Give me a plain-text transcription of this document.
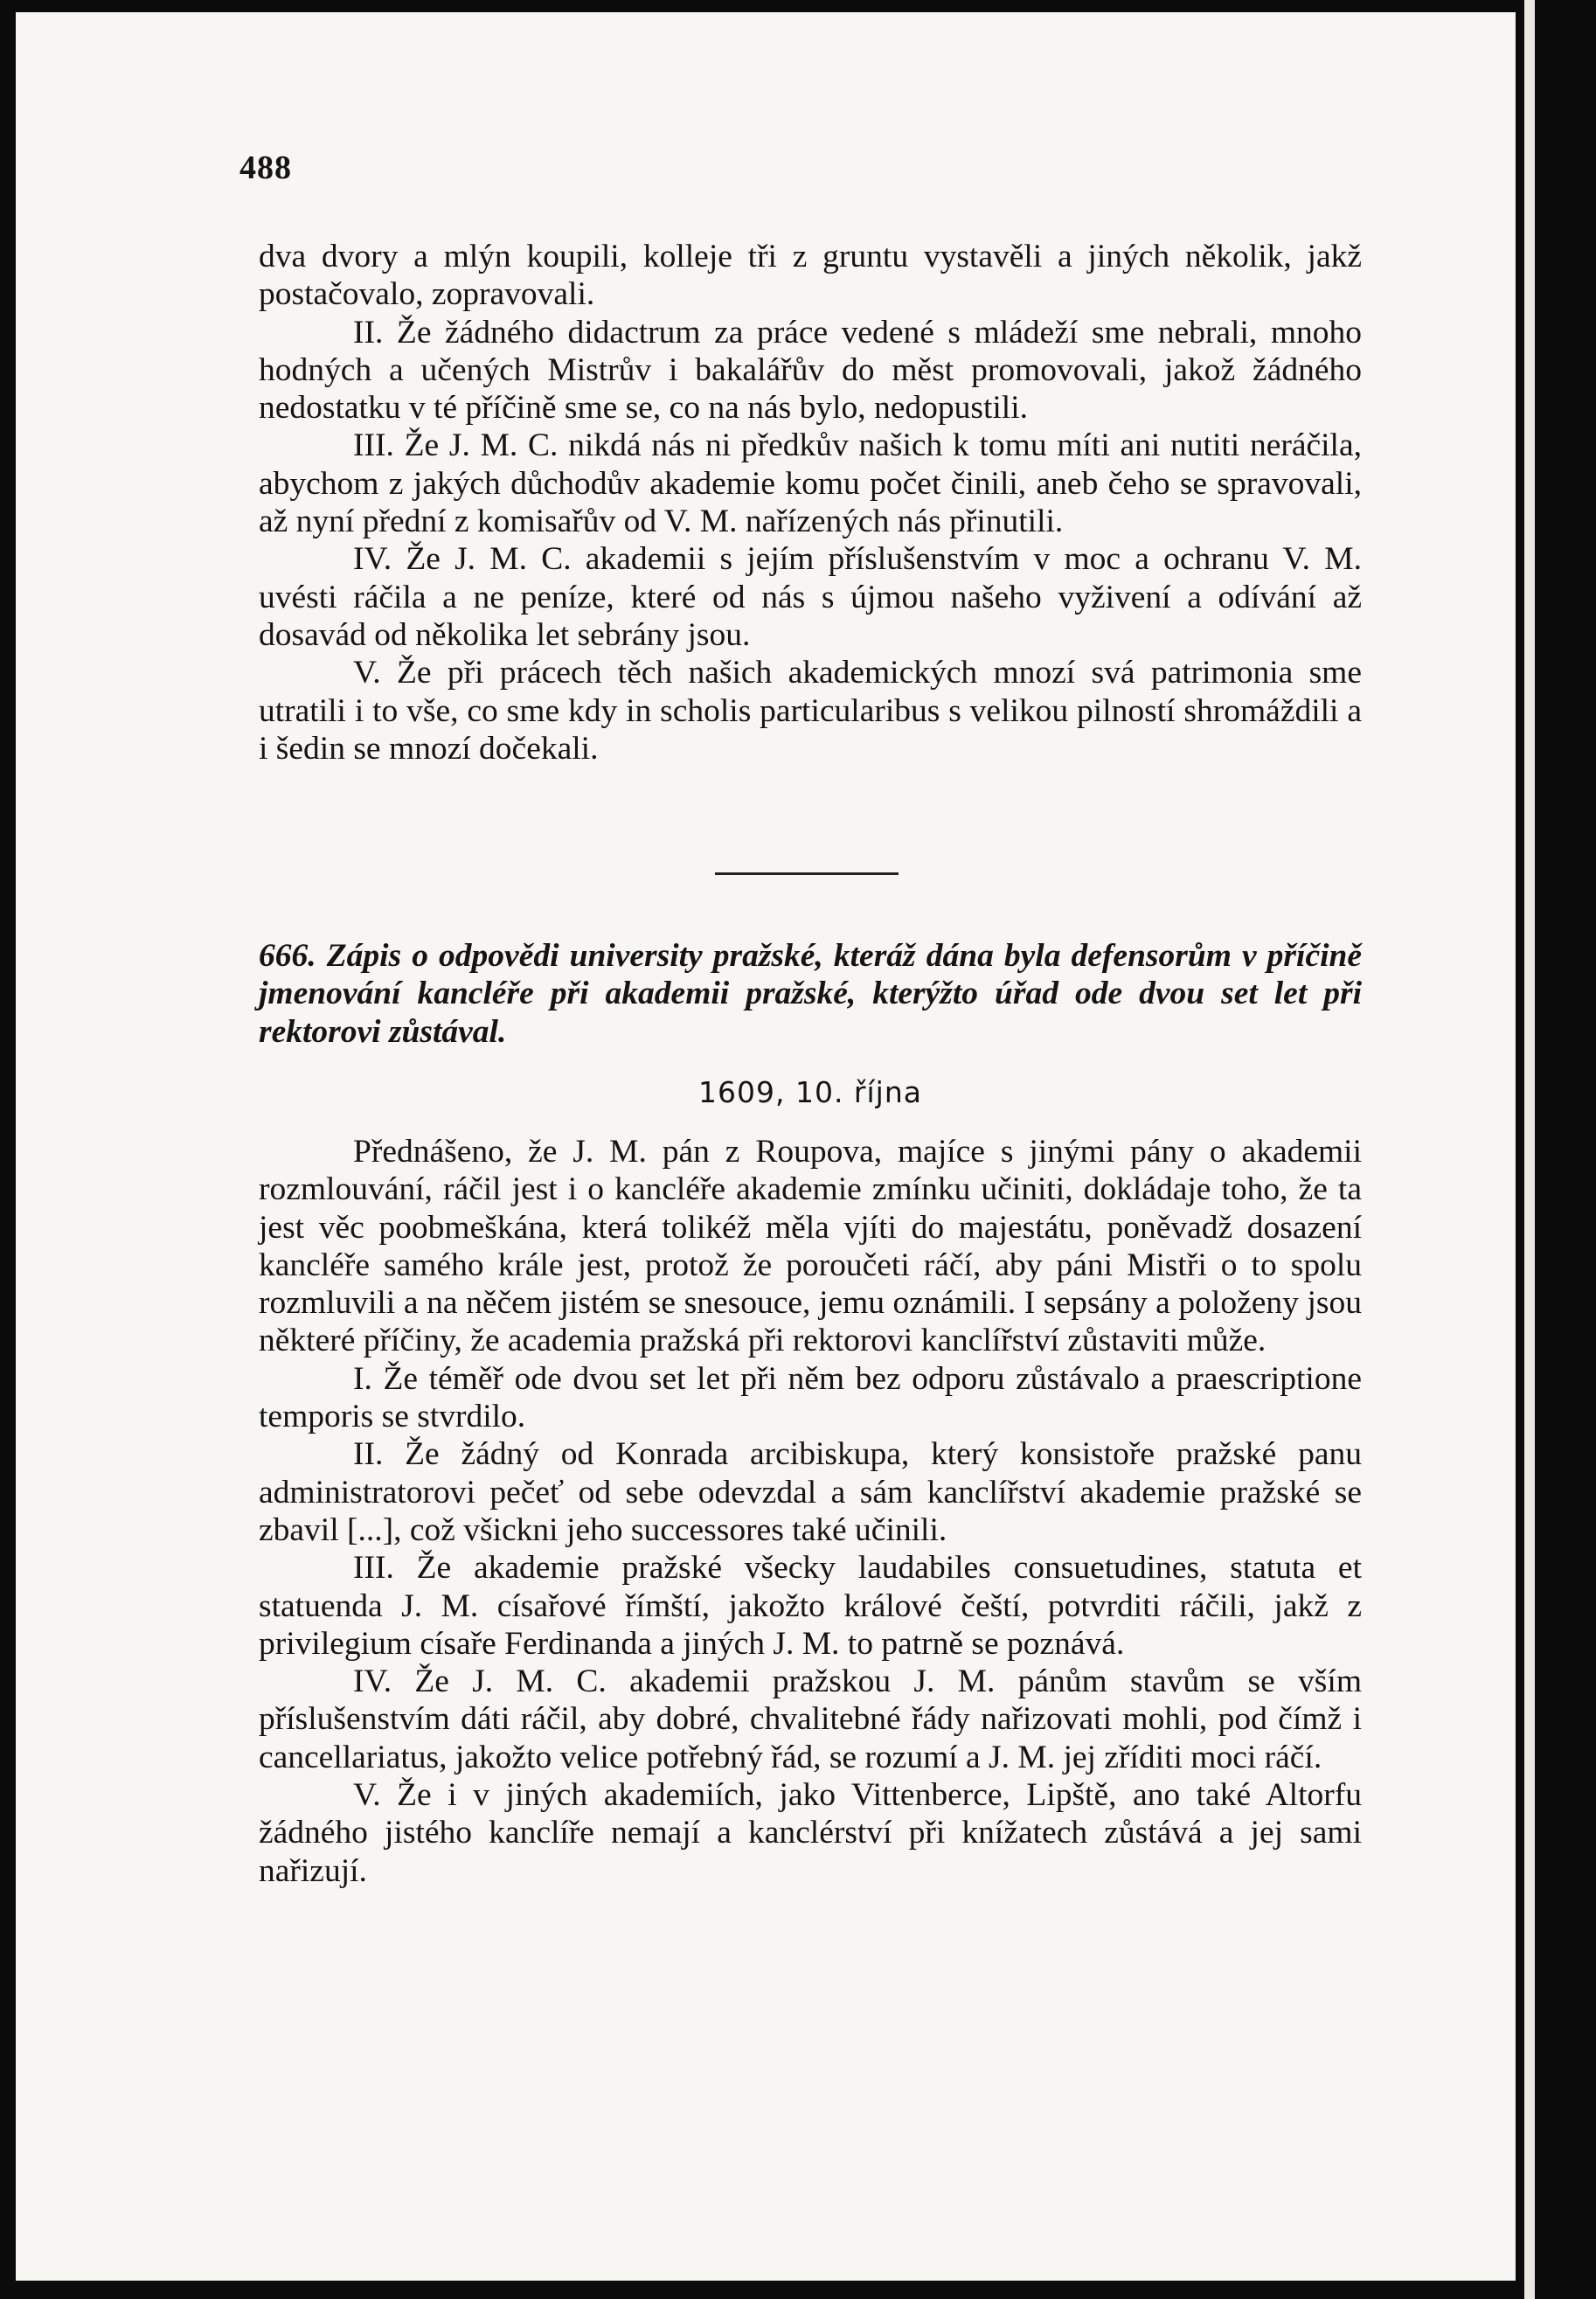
488

dva dvory a mlýn koupili, kolleje tři z gruntu vystavěli a jiných několik, jakž postačovalo, zopravovali.

II. Že žádného didactrum za práce vedené s mládeží sme nebrali, mnoho hodných a učených Mistrův i bakalářův do měst promovovali, jakož žádného nedostatku v té příčině sme se, co na nás bylo, nedopustili.

III. Že J. M. C. nikdá nás ni předkův našich k tomu míti ani nutiti neráčila, abychom z jakých důchodův akademie komu počet činili, aneb čeho se spravovali, až nyní přední z komisařův od V. M. nařízených nás přinutili.

IV. Že J. M. C. akademii s jejím příslušenstvím v moc a ochranu V. M. uvésti ráčila a ne peníze, které od nás s újmou našeho vyživení a odívání až dosavád od několika let sebrány jsou.

V. Že při prácech těch našich akademických mnozí svá patrimonia sme utratili i to vše, co sme kdy in scholis particularibus s velikou pilností shromáždili a i šedin se mnozí dočekali.

666. Zápis o odpovědi university pražské, kteráž dána byla defensorům v příčině jmenování kancléře při akademii pražské, kterýžto úřad ode dvou set let při rektorovi zůstával.
1609, 10. října

Přednášeno, že J. M. pán z Roupova, majíce s jinými pány o akademii rozmlouvání, ráčil jest i o kancléře akademie zmínku učiniti, dokládaje toho, že ta jest věc poobmeškána, která tolikéž měla vjíti do majestátu, poněvadž dosazení kancléře samého krále jest, protož že poroučeti ráčí, aby páni Mistři o to spolu rozmluvili a na něčem jistém se snesouce, jemu oznámili. I sepsány a položeny jsou některé příčiny, že academia pražská při rektorovi kanclířství zůstaviti může.

I. Že téměř ode dvou set let při něm bez odporu zůstávalo a praescriptione temporis se stvrdilo.

II. Že žádný od Konrada arcibiskupa, který konsistoře pražské panu administratorovi pečeť od sebe odevzdal a sám kanclířství akademie pražské se zbavil [...], což všickni jeho successores také učinili.

III. Že akademie pražské všecky laudabiles consuetudines, statuta et statuenda J. M. císařové římští, jakožto králové čeští, potvrditi ráčili, jakž z privilegium císaře Ferdinanda a jiných J. M. to patrně se poznává.

IV. Že J. M. C. akademii pražskou J. M. pánům stavům se vším příslušenstvím dáti ráčil, aby dobré, chvalitebné řády nařizovati mohli, pod čímž i cancellariatus, jakožto velice potřebný řád, se rozumí a J. M. jej zříditi moci ráčí.

V. Že i v jiných akademiích, jako Vittenberce, Lipště, ano také Altorfu žádného jistého kanclíře nemají a kanclérství při knížatech zůstává a jej sami nařizují.
